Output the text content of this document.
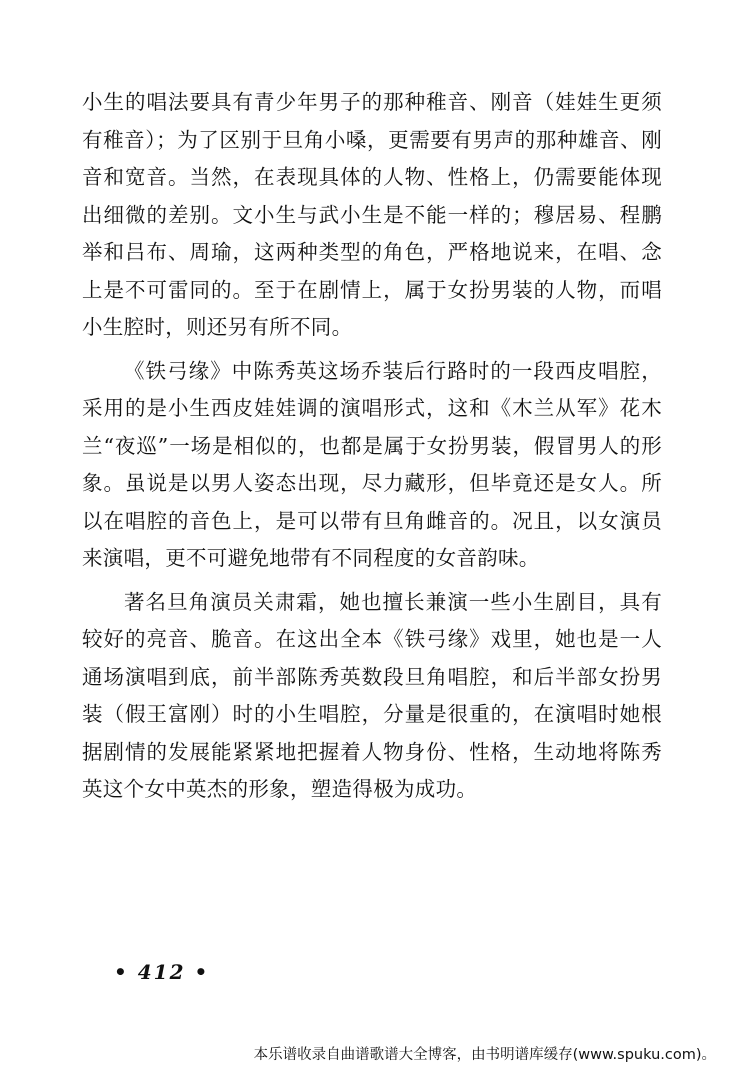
小生的唱法要具有青少年男子的那种稚音、刚音（娃娃生更须有稚音）；为了区别于旦角小嗓，更需要有男声的那种雄音、刚音和宽音。当然，在表现具体的人物、性格上，仍需要能体现出细微的差别。文小生与武小生是不能一样的；穆居易、程鹏举和吕布、周瑜，这两种类型的角色，严格地说来，在唱、念上是不可雷同的。至于在剧情上，属于女扮男装的人物，而唱小生腔时，则还另有所不同。

《铁弓缘》中陈秀英这场乔装后行路时的一段西皮唱腔，采用的是小生西皮娃娃调的演唱形式，这和《木兰从军》花木兰“夜巡”一场是相似的，也都是属于女扮男装，假冒男人的形象。虽说是以男人姿态出现，尽力藏形，但毕竟还是女人。所以在唱腔的音色上，是可以带有旦角雌音的。况且，以女演员来演唱，更不可避免地带有不同程度的女音韵味。

著名旦角演员关肃霜，她也擅长兼演一些小生剧目，具有较好的亮音、脆音。在这出全本《铁弓缘》戏里，她也是一人通场演唱到底，前半部陈秀英数段旦角唱腔，和后半部女扮男装（假王富刚）时的小生唱腔，分量是很重的，在演唱时她根据剧情的发展能紧紧地把握着人物身份、性格，生动地将陈秀英这个女中英杰的形象，塑造得极为成功。

• 412 •
本乐谱收录自曲谱歌谱大全博客，由书明谱库缓存(www.spuku.com)。
